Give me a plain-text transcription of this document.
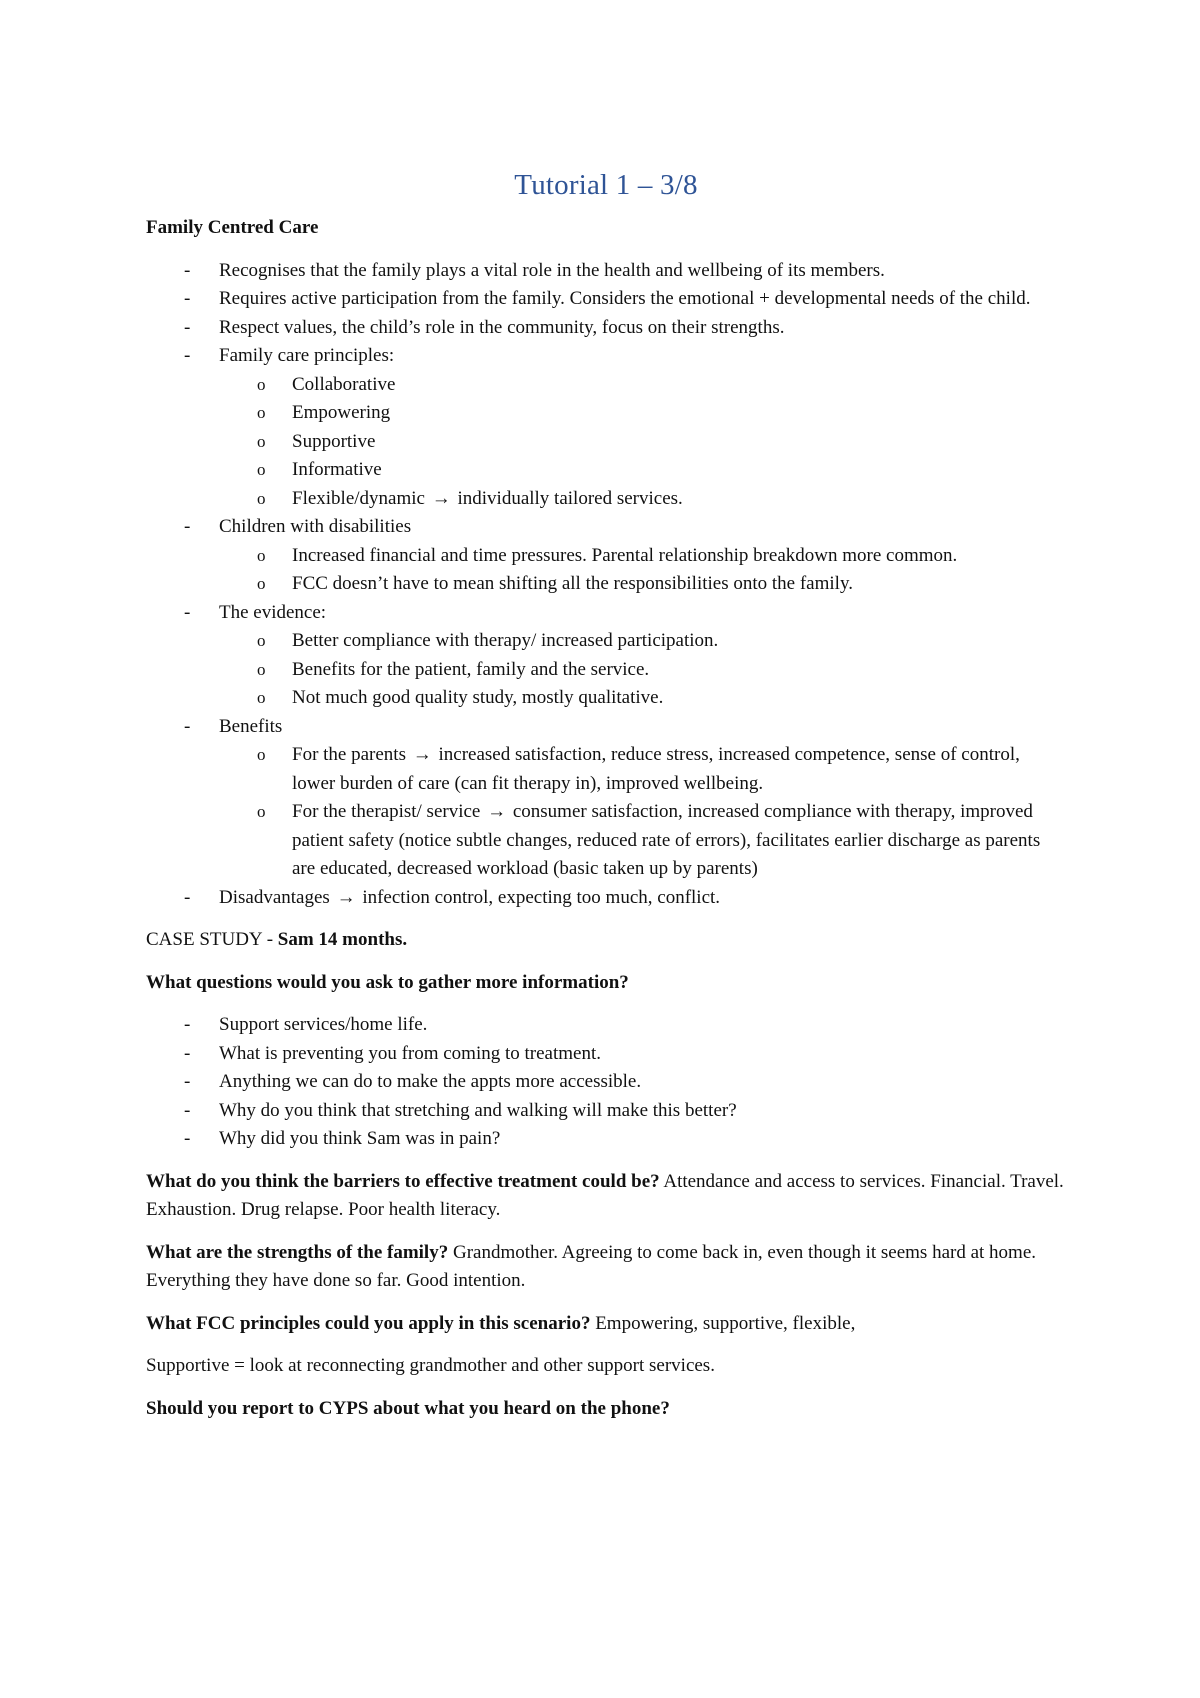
Tutorial 1 – 3/8
Family Centred Care
- Recognises that the family plays a vital role in the health and wellbeing of its members.
- Requires active participation from the family. Considers the emotional + developmental needs of the child.
- Respect values, the child’s role in the community, focus on their strengths.
- Family care principles:
o Collaborative
o Empowering
o Supportive
o Informative
o Flexible/dynamic → individually tailored services.
- Children with disabilities
o Increased financial and time pressures. Parental relationship breakdown more common.
o FCC doesn’t have to mean shifting all the responsibilities onto the family.
- The evidence:
o Better compliance with therapy/ increased participation.
o Benefits for the patient, family and the service.
o Not much good quality study, mostly qualitative.
- Benefits
o For the parents → increased satisfaction, reduce stress, increased competence, sense of control, lower burden of care (can fit therapy in), improved wellbeing.
o For the therapist/ service → consumer satisfaction, increased compliance with therapy, improved patient safety (notice subtle changes, reduced rate of errors), facilitates earlier discharge as parents are educated, decreased workload (basic taken up by parents)
- Disadvantages → infection control, expecting too much, conflict.

CASE STUDY - Sam 14 months.

What questions would you ask to gather more information?

- Support services/home life.
- What is preventing you from coming to treatment.
- Anything we can do to make the appts more accessible.
- Why do you think that stretching and walking will make this better?
- Why did you think Sam was in pain?

What do you think the barriers to effective treatment could be? Attendance and access to services. Financial. Travel. Exhaustion. Drug relapse. Poor health literacy.

What are the strengths of the family? Grandmother. Agreeing to come back in, even though it seems hard at home. Everything they have done so far. Good intention.

What FCC principles could you apply in this scenario? Empowering, supportive, flexible,

Supportive = look at reconnecting grandmother and other support services.

Should you report to CYPS about what you heard on the phone?
